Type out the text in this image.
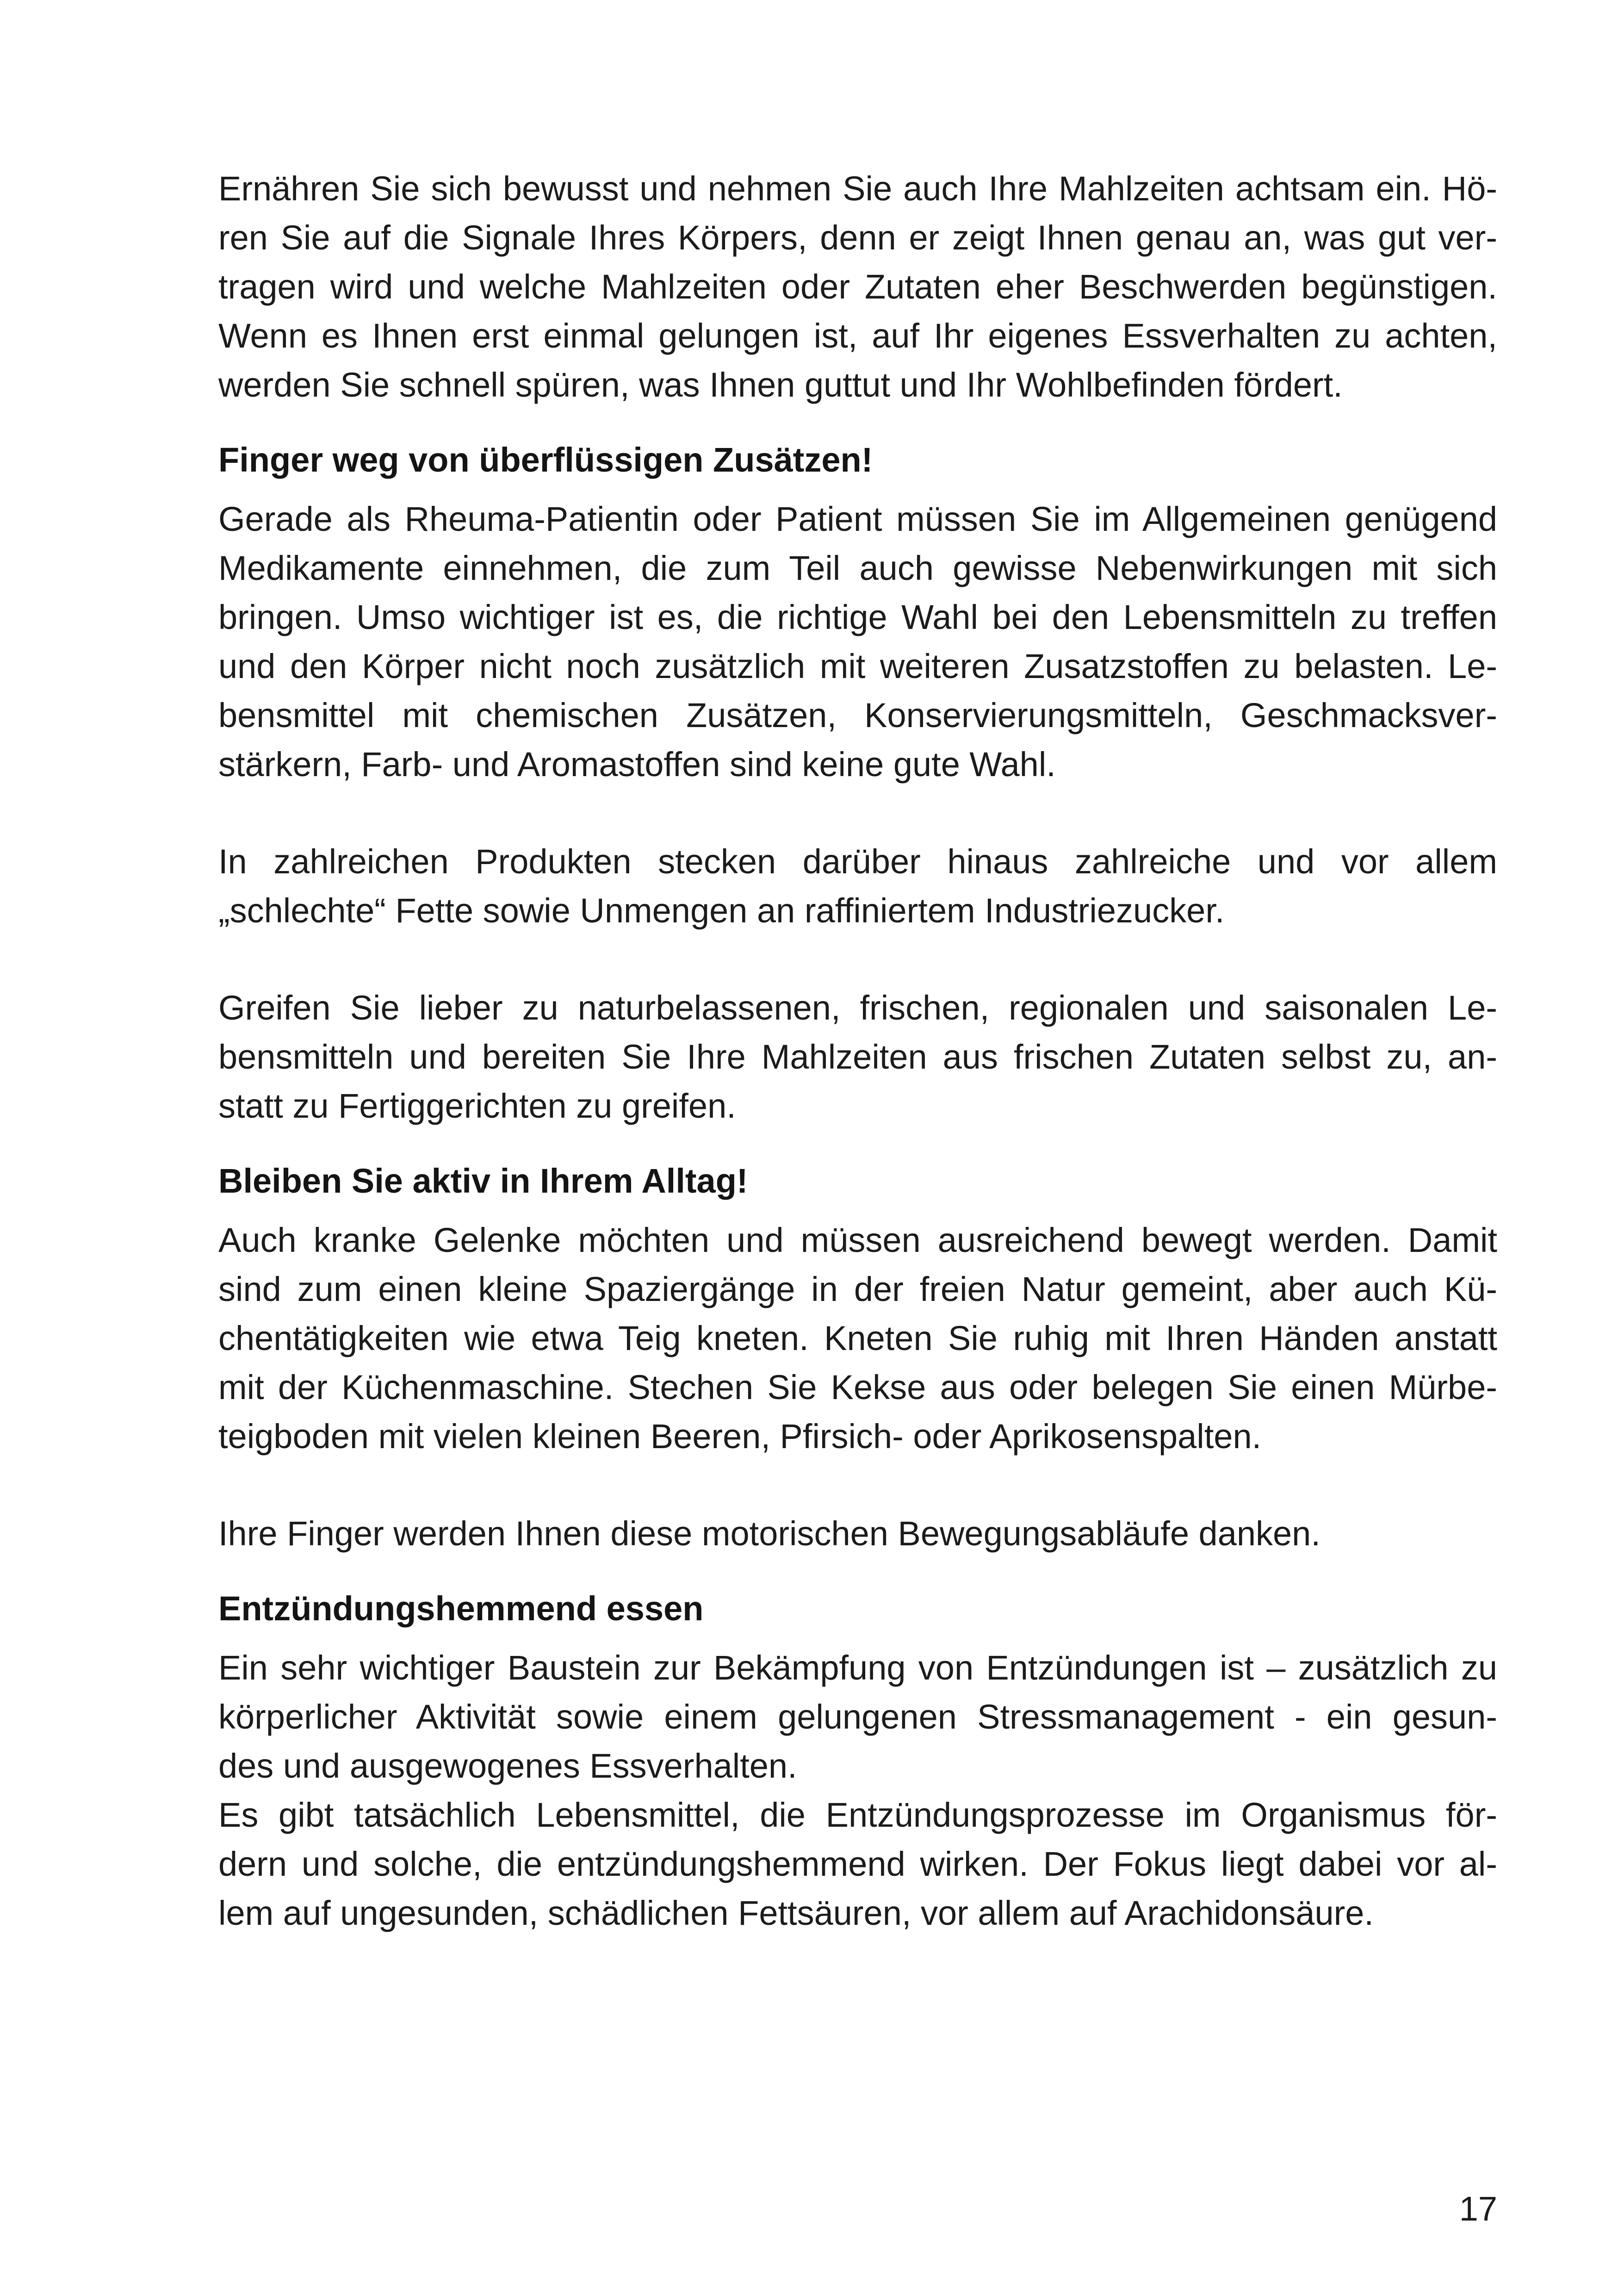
Ernähren Sie sich bewusst und nehmen Sie auch Ihre Mahlzeiten achtsam ein. Hö-
ren Sie auf die Signale Ihres Körpers, denn er zeigt Ihnen genau an, was gut ver-
tragen wird und welche Mahlzeiten oder Zutaten eher Beschwerden begünstigen.
Wenn es Ihnen erst einmal gelungen ist, auf Ihr eigenes Essverhalten zu achten,
werden Sie schnell spüren, was Ihnen guttut und Ihr Wohlbefinden fördert.

Finger weg von überflüssigen Zusätzen!

Gerade als Rheuma-Patientin oder Patient müssen Sie im Allgemeinen genügend
Medikamente einnehmen, die zum Teil auch gewisse Nebenwirkungen mit sich
bringen. Umso wichtiger ist es, die richtige Wahl bei den Lebensmitteln zu treffen
und den Körper nicht noch zusätzlich mit weiteren Zusatzstoffen zu belasten. Le-
bensmittel mit chemischen Zusätzen, Konservierungsmitteln, Geschmacksver-
stärkern, Farb- und Aromastoffen sind keine gute Wahl.

In zahlreichen Produkten stecken darüber hinaus zahlreiche und vor allem
„schlechte“ Fette sowie Unmengen an raffiniertem Industriezucker.

Greifen Sie lieber zu naturbelassenen, frischen, regionalen und saisonalen Le-
bensmitteln und bereiten Sie Ihre Mahlzeiten aus frischen Zutaten selbst zu, an-
statt zu Fertiggerichten zu greifen.

Bleiben Sie aktiv in Ihrem Alltag!

Auch kranke Gelenke möchten und müssen ausreichend bewegt werden. Damit
sind zum einen kleine Spaziergänge in der freien Natur gemeint, aber auch Kü-
chentätigkeiten wie etwa Teig kneten. Kneten Sie ruhig mit Ihren Händen anstatt
mit der Küchenmaschine. Stechen Sie Kekse aus oder belegen Sie einen Mürbe-
teigboden mit vielen kleinen Beeren, Pfirsich- oder Aprikosenspalten.

Ihre Finger werden Ihnen diese motorischen Bewegungsabläufe danken.

Entzündungshemmend essen

Ein sehr wichtiger Baustein zur Bekämpfung von Entzündungen ist – zusätzlich zu
körperlicher Aktivität sowie einem gelungenen Stressmanagement - ein gesun-
des und ausgewogenes Essverhalten.
Es gibt tatsächlich Lebensmittel, die Entzündungsprozesse im Organismus för-
dern und solche, die entzündungshemmend wirken. Der Fokus liegt dabei vor al-
lem auf ungesunden, schädlichen Fettsäuren, vor allem auf Arachidonsäure.

17
